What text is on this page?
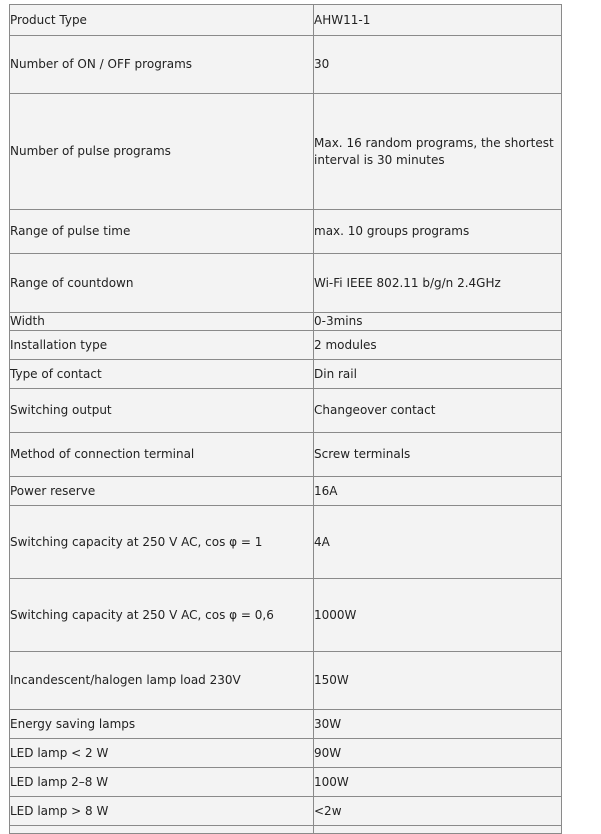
Product Type	AHW11-1

Number of ON / OFF programs	30

Number of pulse programs	Max. 16 random programs, the shortest interval is 30 minutes

Range of pulse time	max. 10 groups programs

Range of countdown	Wi-Fi IEEE 802.11 b/g/n 2.4GHz

Width	0-3mins

Installation type	2 modules

Type of contact	Din rail

Switching output	Changeover contact

Method of connection terminal	Screw terminals

Power reserve	16A

Switching capacity at 250 V AC, cos φ = 1	4A

Switching capacity at 250 V AC, cos φ = 0,6	1000W

Incandescent/halogen lamp load 230V	150W

Energy saving lamps	30W

LED lamp < 2 W	90W

LED lamp 2–8 W	100W

LED lamp > 8 W	<2w
